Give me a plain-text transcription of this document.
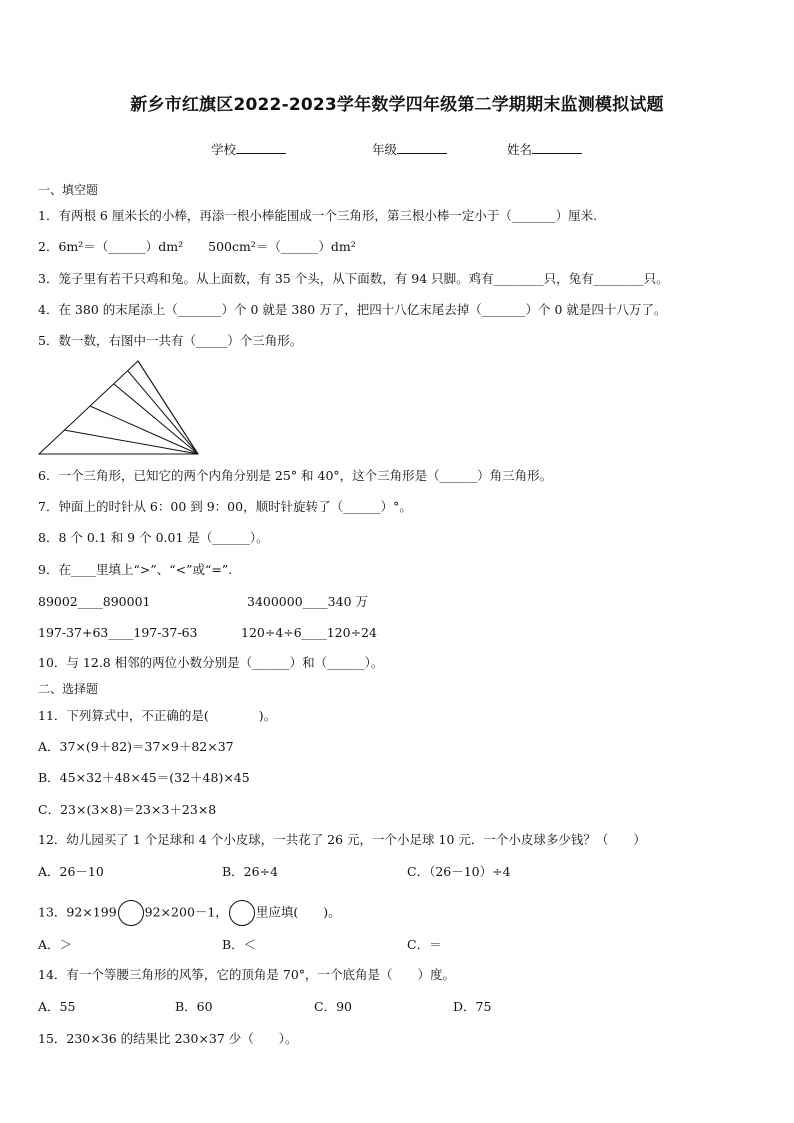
新乡市红旗区2022-2023学年数学四年级第二学期期末监测模拟试题
学校	年级	姓名
一、填空题
1．有两根 6 厘米长的小棒，再添一根小棒能围成一个三角形，第三根小棒一定小于（_______）厘米.
2．6m²＝（______）dm²　　500cm²＝（______）dm²
3．笼子里有若干只鸡和兔。从上面数，有 35 个头，从下面数，有 94 只脚。鸡有________只，兔有________只。
4．在 380 的末尾添上（_______）个 0 就是 380 万了，把四十八亿末尾去掉（_______）个 0 就是四十八万了。
5．数一数，右图中一共有（_____）个三角形。
6．一个三角形，已知它的两个内角分别是 25° 和 40°，这个三角形是（______）角三角形。
7．钟面上的时针从 6：00 到 9：00，顺时针旋转了（______）°。
8．8 个 0.1 和 9 个 0.01 是（______）。
9．在____里填上“>”、“<”或“=”.
89002____890001	3400000____340 万
197-37+63____197-37-63	120÷4÷6____120÷24
10．与 12.8 相邻的两位小数分别是（______）和（______）。
二、选择题
11．下列算式中，不正确的是(　　　　)。
A．37×(9＋82)＝37×9＋82×37
B．45×32＋48×45＝(32＋48)×45
C．23×(3×8)＝23×3＋23×8
12．幼儿园买了 1 个足球和 4 个小皮球，一共花了 26 元，一个小足球 10 元．一个小皮球多少钱？（　　）
A．26－10	B．26÷4	C．（26－10）÷4
13．92×199 92×200－1， 里应填(　　)。
A．＞	B．＜	C．＝
14．有一个等腰三角形的风筝，它的顶角是 70°，一个底角是（　　）度。
A．55	B．60	C．90	D．75
15．230×36 的结果比 230×37 少（　　）。
